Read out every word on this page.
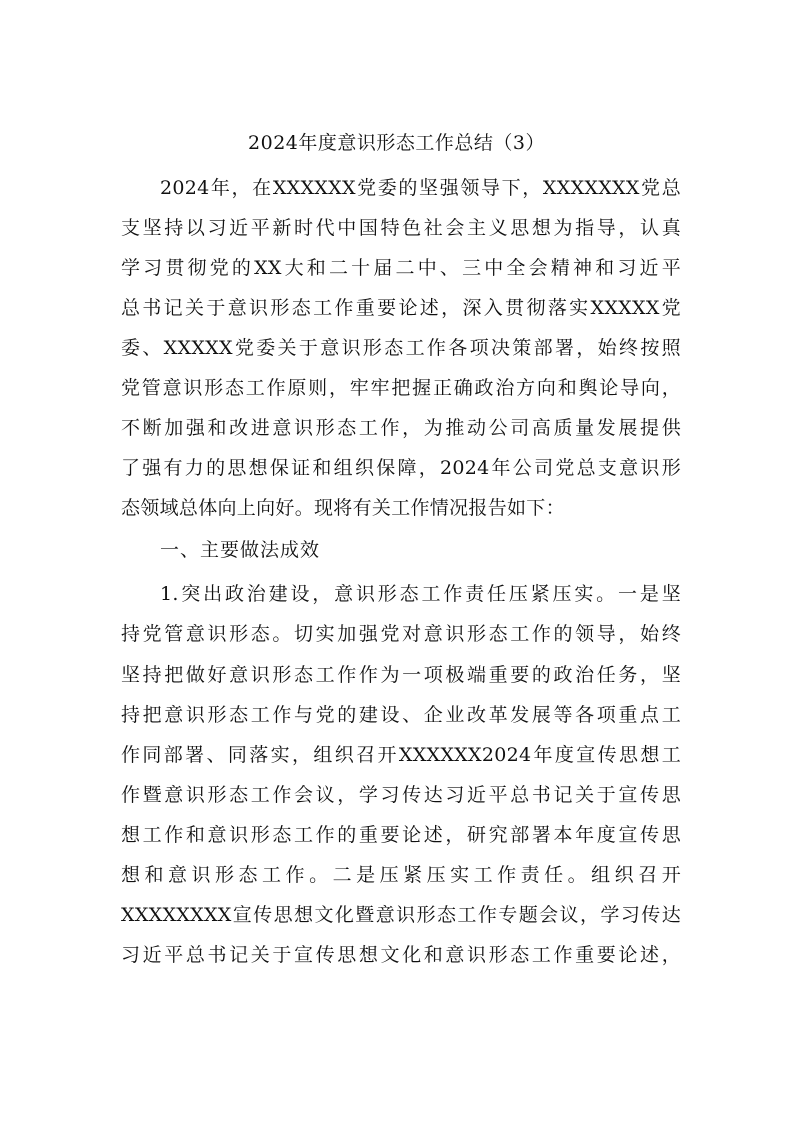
2024年度意识形态工作总结（3）
2024年，在XXXXXX党委的坚强领导下，XXXXXXX党总
支坚持以习近平新时代中国特色社会主义思想为指导，认真
学习贯彻党的XX大和二十届二中、三中全会精神和习近平
总书记关于意识形态工作重要论述，深入贯彻落实XXXXX党
委、XXXXX党委关于意识形态工作各项决策部署，始终按照
党管意识形态工作原则，牢牢把握正确政治方向和舆论导向，
不断加强和改进意识形态工作，为推动公司高质量发展提供
了强有力的思想保证和组织保障，2024年公司党总支意识形
态领域总体向上向好。现将有关工作情况报告如下：
一、主要做法成效
1.突出政治建设，意识形态工作责任压紧压实。一是坚
持党管意识形态。切实加强党对意识形态工作的领导，始终
坚持把做好意识形态工作作为一项极端重要的政治任务，坚
持把意识形态工作与党的建设、企业改革发展等各项重点工
作同部署、同落实，组织召开XXXXXX2024年度宣传思想工
作暨意识形态工作会议，学习传达习近平总书记关于宣传思
想工作和意识形态工作的重要论述，研究部署本年度宣传思
想和意识形态工作。二是压紧压实工作责任。组织召开
XXXXXXXX宣传思想文化暨意识形态工作专题会议，学习传达
习近平总书记关于宣传思想文化和意识形态工作重要论述，
